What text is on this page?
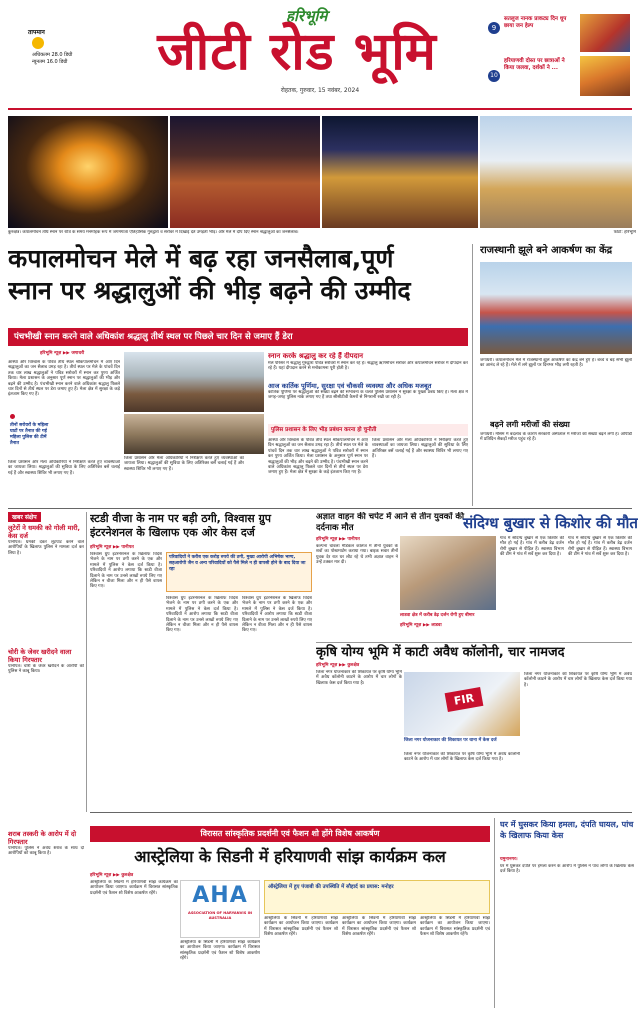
तापमान
अधिकतम 28.0 डिग्री
न्यूनतम 16.0 डिग्री
हरिभूमि
जीटी रोड भूमि
रोहतक, गुरुवार, 15 नवंबर, 2024
9
सतलुज नानक प्राकट्य दिन धूप छाया जन हेल्प
10
हरियाणवी दोस्त पर छात्राओं ने किया जलवा, दर्शकों ने ...
कुरुक्षेत्र। कपालमोचन तीर्थ स्नान पर रात्रि के समय मनमोहक रूप में जगमगाता ऐतिहासिक गुरुद्वारा व सरोवर में दिखाई देते उमड़ती भीड़। और मेले में दीप दिए स्नान श्रद्धालुओं का जनसैलाब।	फोटो: हरिभूमि
कपालमोचन मेले में बढ़ रहा जनसैलाब,पूर्ण
स्नान पर श्रद्धालुओं की भीड़ बढ़ने की उम्मीद
पंचभीखी स्नान करने वाले अधिकांश श्रद्धालु तीर्थ स्थल पर पिछले चार दिन से जमाए हैं डेरा
हरिभूमि न्यूज़ ▶▶ जगाधरी
आस्था और विश्वास के पवित्र तीर्थ स्थल श्रीकपालमोचन में आए दिन श्रद्धालुओं का जन सैलाब उमड़ रहा है। तीर्थ स्थल पर मेले के पांचवें दिन तक चार लाख श्रद्धालुओं ने पवित्र सरोवरों में स्नान कर पुण्य अर्जित किया। मेला प्रशासन के अनुसार पूर्ण स्नान पर श्रद्धालुओं की भीड़ और बढ़ने की उम्मीद है। पंचभीखी स्नान करने वाले अधिकांश श्रद्धालु पिछले चार दिनों से तीर्थ स्थल पर डेरा जमाए हुए हैं। मेला क्षेत्र में सुरक्षा के कड़े इंतजाम किए गए हैं।
तीनों सरोवरों के महिला घाटों पर तैनात की गई महिला पुलिस की टीमें तैनात
जिला प्रशासन और मेला अधिकारियों ने निरीक्षण करते हुए व्यवस्थाओं का जायजा लिया। श्रद्धालुओं की सुविधा के लिए अतिरिक्त बसें चलाई गई हैं और स्वास्थ्य शिविर भी लगाए गए हैं।
जिला प्रशासन और मेला अधिकारियों ने निरीक्षण करते हुए व्यवस्थाओं का जायजा लिया। श्रद्धालुओं की सुविधा के लिए अतिरिक्त बसें चलाई गई हैं और स्वास्थ्य शिविर भी लगाए गए हैं।
स्नान करके श्रद्धालु कर रहे हैं दीपदान
मेले परिसर में श्रद्धालु गुरुद्वारा पवित्र सरोवरों में स्नान कर रहे हैं। श्रद्धालु ऋणमोचन सरोवर और कपालमोचन सरोवर में दीपदान कर रहे हैं। यहां दीपदान करने से मनोकामना पूरी होती है।
आज कार्तिक पूर्णिमा, सुरक्षा एवं चौकसी व्यवस्था और अधिक मजबूत
कार्तिक पूर्णिमा पर श्रद्धालुओं की संख्या बढ़ने की संभावना के चलते पुलिस प्रशासन ने सुरक्षा के पुख्ता प्रबंध किए हैं। मेला क्षेत्र में जगह-जगह पुलिस नाके लगाए गए हैं तथा सीसीटीवी कैमरों से निगरानी रखी जा रही है।
पुलिस प्रशासन के लिए भीड़ प्रबंधन करना हो चुनौती
आस्था और विश्वास के पवित्र तीर्थ स्थल श्रीकपालमोचन में आए दिन श्रद्धालुओं का जन सैलाब उमड़ रहा है। तीर्थ स्थल पर मेले के पांचवें दिन तक चार लाख श्रद्धालुओं ने पवित्र सरोवरों में स्नान कर पुण्य अर्जित किया। मेला प्रशासन के अनुसार पूर्ण स्नान पर श्रद्धालुओं की भीड़ और बढ़ने की उम्मीद है। पंचभीखी स्नान करने वाले अधिकांश श्रद्धालु पिछले चार दिनों से तीर्थ स्थल पर डेरा जमाए हुए हैं। मेला क्षेत्र में सुरक्षा के कड़े इंतजाम किए गए हैं।
जिला प्रशासन और मेला अधिकारियों ने निरीक्षण करते हुए व्यवस्थाओं का जायजा लिया। श्रद्धालुओं की सुविधा के लिए अतिरिक्त बसें चलाई गई हैं और स्वास्थ्य शिविर भी लगाए गए हैं।
राजस्थानी झूले बने आकर्षण का केंद्र
जगाधरी। कपालमोचन मेले में राजस्थानी झूले आकर्षण का केंद्र बने हुए हैं। बच्चे व बड़े सभी झूलों का आनंद ले रहे हैं। मेले में लगे झूलों पर दिनभर भीड़ लगी रहती है।
बढ़ने लगी मरीजों की संख्या
जगाधरी। मौसम में बदलाव के कारण सरकारी अस्पताल में मरीजों की संख्या बढ़ने लगी है। ओपीडी में प्रतिदिन सैकड़ों मरीज पहुंच रहे हैं।
खबर संक्षेप
लुटेरों ने धमकी को गोली मारी, केस दर्ज
पानीपत। धमकी देकर लूटपाट करने वाले आरोपियों के खिलाफ पुलिस ने मामला दर्ज कर लिया है।
चोरी के जेवर खरीदने वाला किया गिरफ्तार
पानीपत। चोरी के जेवर खरीदने के आरोपी को पुलिस ने काबू किया।
शराब तस्करी के आरोप में दो गिरफ्तार
पानीपत। पुलिस ने अवैध शराब के साथ दो आरोपियों को काबू किया है।
स्टडी वीजा के नाम पर बड़ी ठगी, विश्वास ग्रुप इंटरनेशनल के खिलाफ एक ओर केस दर्ज
हरिभूमि न्यूज़ ▶▶ पानीपत
विश्वास ग्रुप इंटरनेशनल के खिलाफ विदेश भेजने के नाम पर ठगी करने के एक और मामले में पुलिस ने केस दर्ज किया है। परिवादियों ने आरोप लगाया कि स्टडी वीजा दिलाने के नाम पर उनसे लाखों रुपये लिए गए लेकिन न वीजा मिला और न ही पैसे वापस किए गए।
परिवादियों ने करीब एक करोड़ रुपये की ठगी, मुख्य आरोपी अभिषेक भाग्य, सहआरोपी जैन व अन्य परिवादियों को पैसे मिले न ही वापसी होने के बाद दिया जा रहा
विश्वास ग्रुप इंटरनेशनल के खिलाफ विदेश भेजने के नाम पर ठगी करने के एक और मामले में पुलिस ने केस दर्ज किया है। परिवादियों ने आरोप लगाया कि स्टडी वीजा दिलाने के नाम पर उनसे लाखों रुपये लिए गए लेकिन न वीजा मिला और न ही पैसे वापस किए गए।
विश्वास ग्रुप इंटरनेशनल के खिलाफ विदेश भेजने के नाम पर ठगी करने के एक और मामले में पुलिस ने केस दर्ज किया है। परिवादियों ने आरोप लगाया कि स्टडी वीजा दिलाने के नाम पर उनसे लाखों रुपये लिए गए लेकिन न वीजा मिला और न ही पैसे वापस किए गए।
अज्ञात वाहन की चपेट में आने से तीन युवकों की दर्दनाक मौत
हरिभूमि न्यूज़ ▶▶ पानीपत
कल्पना चावला मेडिकल कॉलेज में तीनों युवकों के शवों का पोस्टमार्टम कराया गया। बाइक सवार तीनों युवक देर रात घर लौट रहे थे तभी अज्ञात वाहन ने उन्हें टक्कर मार दी।
संदिग्ध बुखार से किशोर की मौत
लाडवा क्षेत्र में करीब डेढ़ दर्जन रोगी हुए बीमार
हरिभूमि न्यूज़ ▶▶ लाडवा
गांव में संदिग्ध बुखार से एक किशोर की मौत हो गई है। गांव में करीब डेढ़ दर्जन रोगी बुखार से पीड़ित हैं। स्वास्थ्य विभाग की टीम ने गांव में सर्वे शुरू कर दिया है।
गांव में संदिग्ध बुखार से एक किशोर की मौत हो गई है। गांव में करीब डेढ़ दर्जन रोगी बुखार से पीड़ित हैं। स्वास्थ्य विभाग की टीम ने गांव में सर्वे शुरू कर दिया है।
कृषि योग्य भूमि में काटी अवैध कॉलोनी, चार नामजद
हरिभूमि न्यूज़ ▶▶ कुरुक्षेत्र
जिला नगर योजनाकार की शिकायत पर कृषि योग्य भूमि में अवैध कॉलोनी काटने के आरोप में चार लोगों के खिलाफ केस दर्ज किया गया है।
FIR
जिला नगर योजनाकार की शिकायत पर थाना में केस दर्ज
जिला नगर योजनाकार की शिकायत पर कृषि योग्य भूमि में अवैध कॉलोनी काटने के आरोप में चार लोगों के खिलाफ केस दर्ज किया गया है।
जिला नगर योजनाकार की शिकायत पर कृषि योग्य भूमि में अवैध कॉलोनी काटने के आरोप में चार लोगों के खिलाफ केस दर्ज किया गया है।
विरासत सांस्कृतिक प्रदर्शनी एवं फैशन शो होंगे विशेष आकर्षण
आस्ट्रेलिया के सिडनी में हरियाणवी सांझ कार्यक्रम कल
हरिभूमि न्यूज़ ▶▶ कुरुक्षेत्र
आस्ट्रेलिया के सिडनी में हरियाणवी सांझ कार्यक्रम का आयोजन किया जाएगा। कार्यक्रम में विरासत सांस्कृतिक प्रदर्शनी एवं फैशन शो विशेष आकर्षण रहेंगे।	AHA
ASSOCIATION OF HARYANVIS IN AUSTRALIA
आस्ट्रेलिया के सिडनी में हरियाणवी सांझ कार्यक्रम का आयोजन किया जाएगा। कार्यक्रम में विरासत सांस्कृतिक प्रदर्शनी एवं फैशन शो विशेष आकर्षण रहेंगे।
ऑस्ट्रेलिया में हुए पंजाबी की उपस्थिति में सौहार्द का प्रयास: मनोहर
आस्ट्रेलिया के सिडनी में हरियाणवी सांझ कार्यक्रम का आयोजन किया जाएगा। कार्यक्रम में विरासत सांस्कृतिक प्रदर्शनी एवं फैशन शो विशेष आकर्षण रहेंगे।
आस्ट्रेलिया के सिडनी में हरियाणवी सांझ कार्यक्रम का आयोजन किया जाएगा। कार्यक्रम में विरासत सांस्कृतिक प्रदर्शनी एवं फैशन शो विशेष आकर्षण रहेंगे।
आस्ट्रेलिया के सिडनी में हरियाणवी सांझ कार्यक्रम का आयोजन किया जाएगा। कार्यक्रम में विरासत सांस्कृतिक प्रदर्शनी एवं फैशन शो विशेष आकर्षण रहेंगे।
घर में घुसकर किया हमला, दंपति घायल, पांच के खिलाफ किया केस
यमुनानगर।
घर में घुसकर दंपति पर हमला करने के आरोप में पुलिस ने पांच लोगों के खिलाफ केस दर्ज किया है।
